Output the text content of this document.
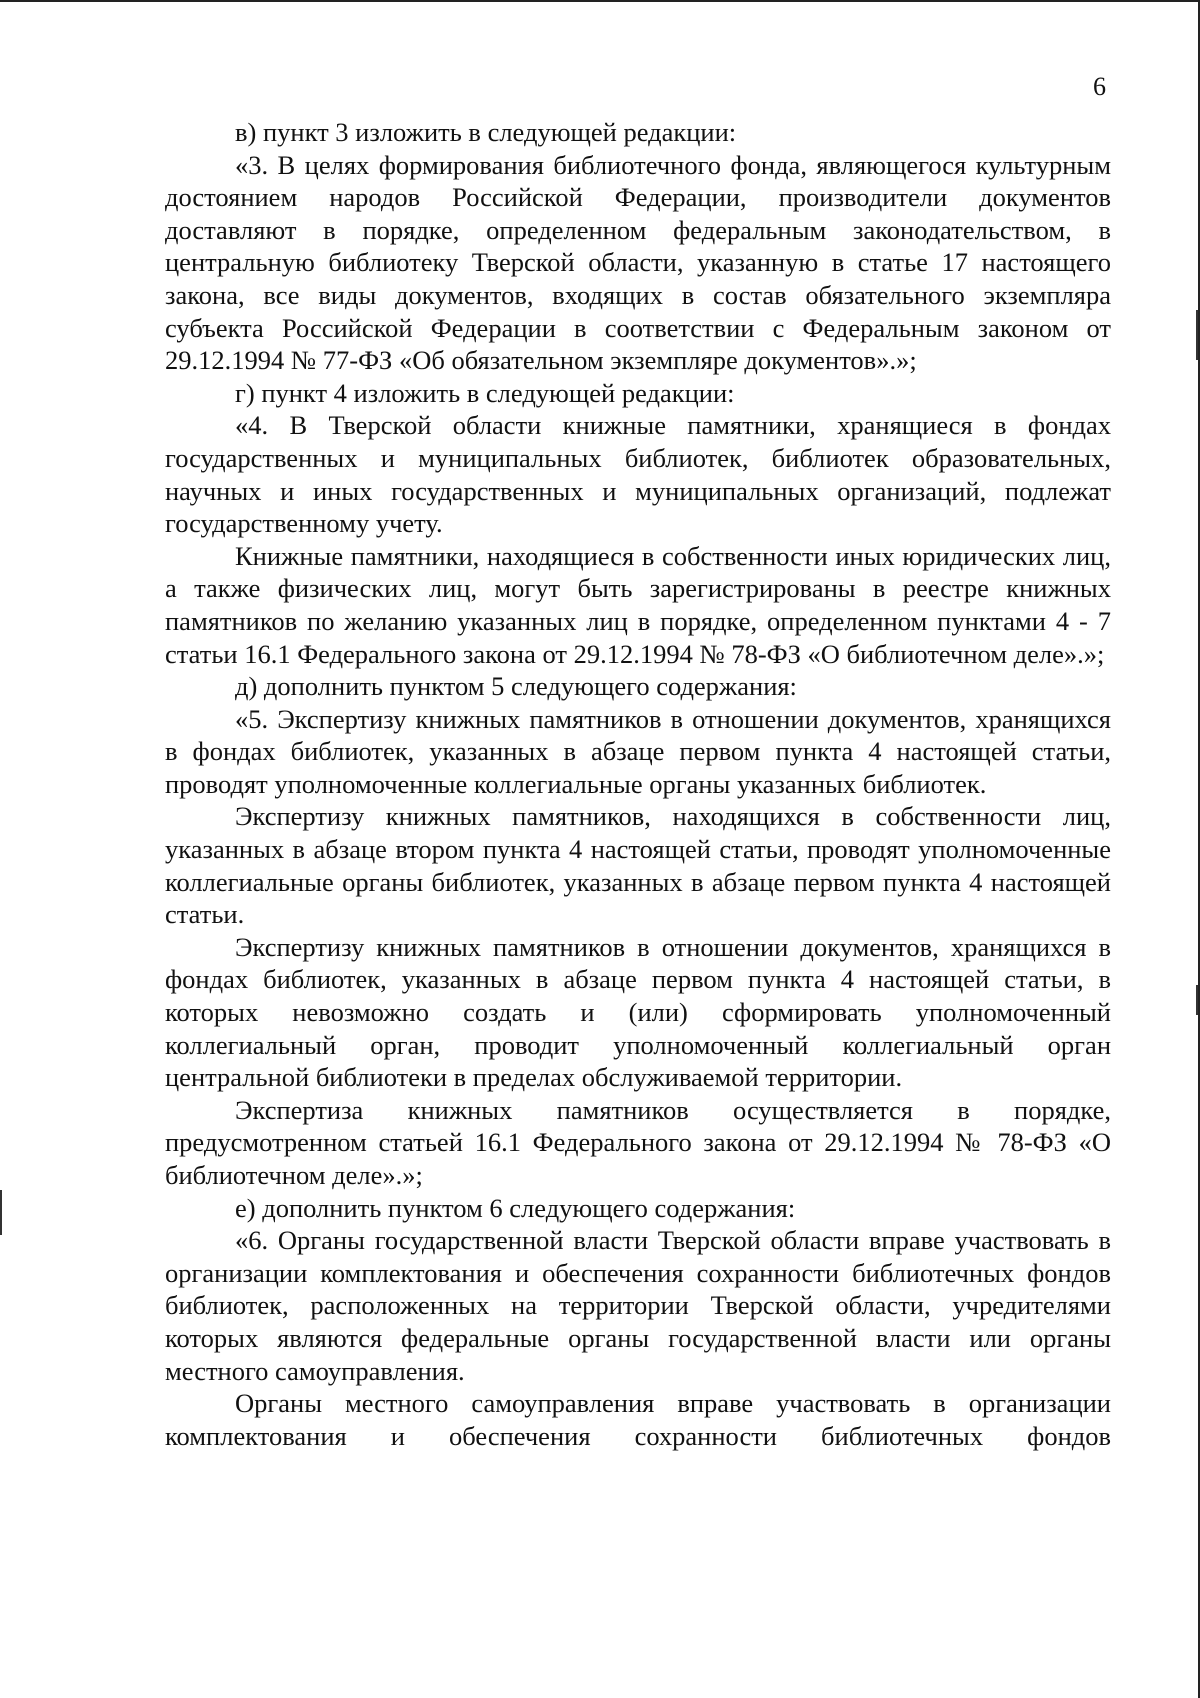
6

в) пункт 3 изложить в следующей редакции:

«3. В целях формирования библиотечного фонда, являющегося культурным достоянием народов Российской Федерации, производители документов доставляют в порядке, определенном федеральным законодательством, в центральную библиотеку Тверской области, указанную в статье 17 настоящего закона, все виды документов, входящих в состав обязательного экземпляра субъекта Российской Федерации в соответствии с Федеральным законом от 29.12.1994 № 77-ФЗ «Об обязательном экземпляре документов».»;

г) пункт 4 изложить в следующей редакции:

«4. В Тверской области книжные памятники, хранящиеся в фондах государственных и муниципальных библиотек, библиотек образовательных, научных и иных государственных и муниципальных организаций, подлежат государственному учету.

Книжные памятники, находящиеся в собственности иных юридических лиц, а также физических лиц, могут быть зарегистрированы в реестре книжных памятников по желанию указанных лиц в порядке, определенном пунктами 4 - 7 статьи 16.1 Федерального закона от 29.12.1994 № 78-ФЗ «О библиотечном деле».»;

д) дополнить пунктом 5 следующего содержания:

«5. Экспертизу книжных памятников в отношении документов, хранящихся в фондах библиотек, указанных в абзаце первом пункта 4 настоящей статьи, проводят уполномоченные коллегиальные органы указанных библиотек.

Экспертизу книжных памятников, находящихся в собственности лиц, указанных в абзаце втором пункта 4 настоящей статьи, проводят уполномоченные коллегиальные органы библиотек, указанных в абзаце первом пункта 4 настоящей статьи.

Экспертизу книжных памятников в отношении документов, хранящихся в фондах библиотек, указанных в абзаце первом пункта 4 настоящей статьи, в которых невозможно создать и (или) сформировать уполномоченный коллегиальный орган, проводит уполномоченный коллегиальный орган центральной библиотеки в пределах обслуживаемой территории.

Экспертиза книжных памятников осуществляется в порядке, предусмотренном статьей 16.1 Федерального закона от 29.12.1994 № 78-ФЗ «О библиотечном деле».»;

е) дополнить пунктом 6 следующего содержания:

«6. Органы государственной власти Тверской области вправе участвовать в организации комплектования и обеспечения сохранности библиотечных фондов библиотек, расположенных на территории Тверской области, учредителями которых являются федеральные органы государственной власти или органы местного самоуправления.

Органы местного самоуправления вправе участвовать в организации комплектования и обеспечения сохранности библиотечных фондов
